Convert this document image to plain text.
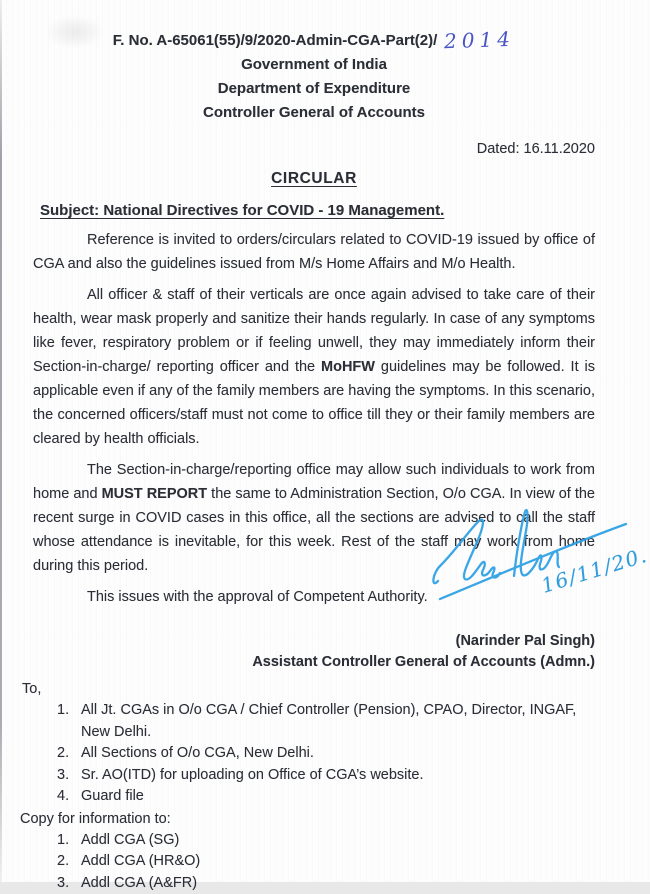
F. No. A-65061(55)/9/2020-Admin-CGA-Part(2)/ 2014
Government of India
Department of Expenditure
Controller General of Accounts
Dated: 16.11.2020
CIRCULAR
Subject: National Directives for COVID - 19 Management.

Reference is invited to orders/circulars related to COVID-19 issued by office of CGA and also the guidelines issued from M/s Home Affairs and M/o Health.

All officer & staff of their verticals are once again advised to take care of their health, wear mask properly and sanitize their hands regularly. In case of any symptoms like fever, respiratory problem or if feeling unwell, they may immediately inform their Section-in-charge/ reporting officer and the MoHFW guidelines may be followed. It is applicable even if any of the family members are having the symptoms. In this scenario, the concerned officers/staff must not come to office till they or their family members are cleared by health officials.

The Section-in-charge/reporting office may allow such individuals to work from home and MUST REPORT the same to Administration Section, O/o CGA. In view of the recent surge in COVID cases in this office, all the sections are advised to call the staff whose attendance is inevitable, for this week. Rest of the staff may work from home during this period.

This issues with the approval of Competent Authority.

(Narinder Pal Singh)
Assistant Controller General of Accounts (Admn.)
To,
1. All Jt. CGAs in O/o CGA / Chief Controller (Pension), CPAO, Director, INGAF, New Delhi.
2. All Sections of O/o CGA, New Delhi.
3. Sr. AO(ITD) for uploading on Office of CGA’s website.
4. Guard file
Copy for information to:
1. Addl CGA (SG)
2. Addl CGA (HR&O)
3. Addl CGA (A&FR)
16/11/20.
